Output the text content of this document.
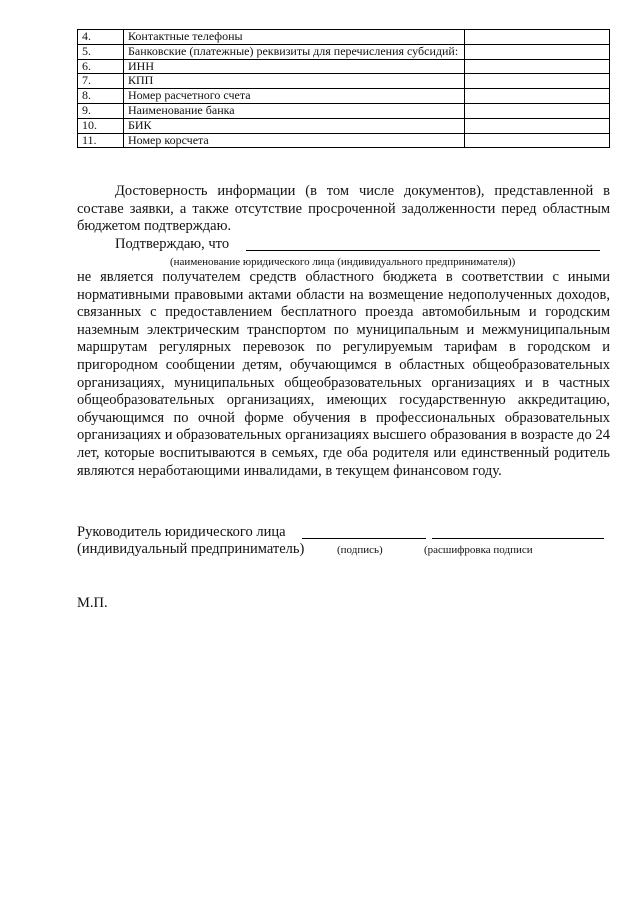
4.	Контактные телефоны	
5.	Банковские (платежные) реквизиты для перечисления субсидий:	
6.	ИНН	
7.	КПП	
8.	Номер расчетного счета	
9.	Наименование банка	
10.	БИК	
11.	Номер корсчета	

Достоверность информации (в том числе документов), представленной в составе заявки, а также отсутствие просроченной задолженности перед областным бюджетом подтверждаю.

Подтверждаю, что
(наименование юридического лица (индивидуального предпринимателя))

не является получателем средств областного бюджета в соответствии с иными нормативными правовыми актами области на возмещение недополученных доходов, связанных с предоставлением бесплатного проезда автомобильным и городским наземным электрическим транспортом по муниципальным и межмуниципальным маршрутам регулярных перевозок по регулируемым тарифам в городском и пригородном сообщении детям, обучающимся в областных общеобразовательных организациях, муниципальных общеобразовательных организациях и в частных общеобразовательных организациях, имеющих государственную аккредитацию, обучающимся по очной форме обучения в профессиональных образовательных организациях и образовательных организациях высшего образования в возрасте до 24 лет, которые воспитываются в семьях, где оба родителя или единственный родитель являются неработающими инвалидами, в текущем финансовом году.

Руководитель юридического лица
(индивидуальный предприниматель)	(подпись)	(расшифровка подписи
М.П.
